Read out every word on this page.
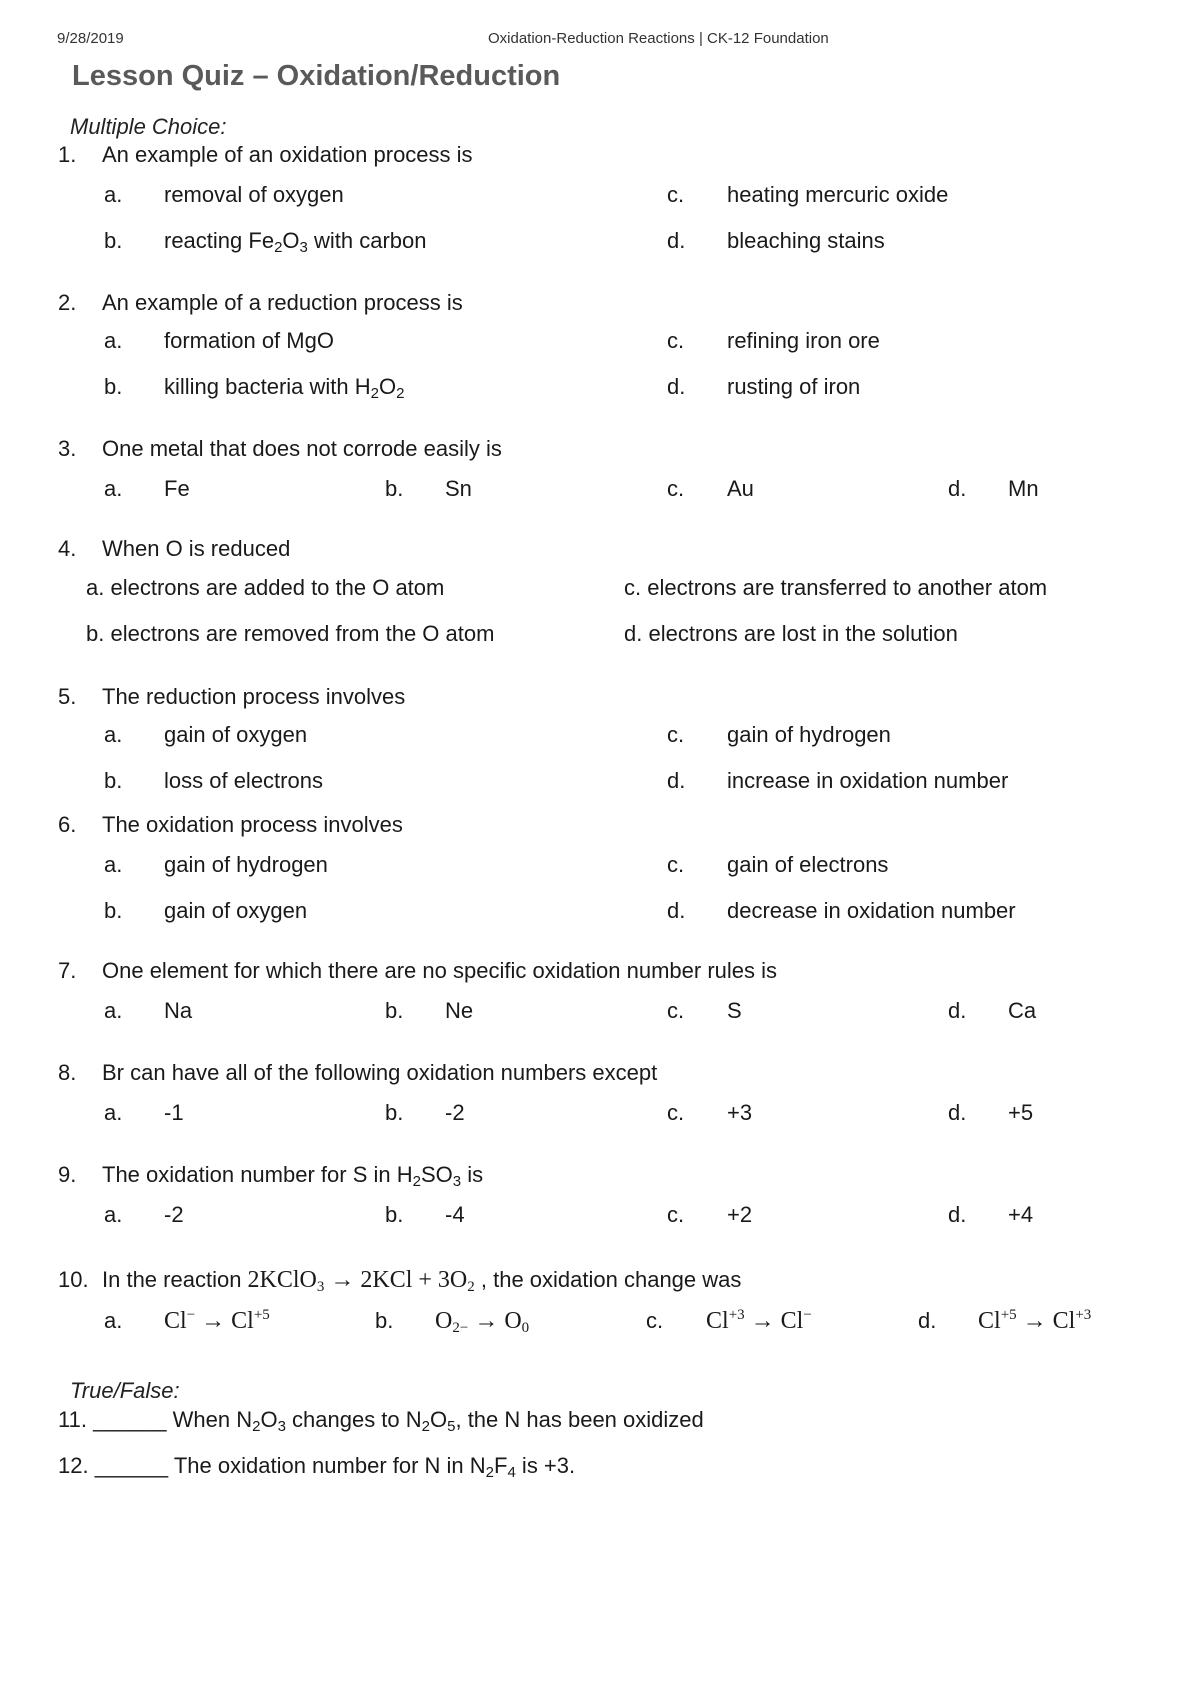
9/28/2019	Oxidation-Reduction Reactions | CK-12 Foundation
Lesson Quiz – Oxidation/Reduction
Multiple Choice:
1. An example of an oxidation process is
a. removal of oxygen
b. reacting $Fe_2O_3$ with carbon
c. heating mercuric oxide
d. bleaching stains
2. An example of a reduction process is
a. formation of MgO
b. killing bacteria with $H_2O_2$
c. refining iron ore
d. rusting of iron
3. One metal that does not corrode easily is
a. Fe	b. Sn	c. Au	d. Mn
4. When O is reduced
a. electrons are added to the O atom
b. electrons are removed from the O atom
c. electrons are transferred to another atom
d. electrons are lost in the solution
5. The reduction process involves
a. gain of oxygen
b. loss of electrons
c. gain of hydrogen
d. increase in oxidation number
6. The oxidation process involves
a. gain of hydrogen
b. gain of oxygen
c. gain of electrons
d. decrease in oxidation number
7. One element for which there are no specific oxidation number rules is
a. Na	b. Ne	c. S	d. Ca
8. Br can have all of the following oxidation numbers except
a. -1	b. -2	c. +3	d. +5
9. The oxidation number for S in $H_2SO_3$ is
a. -2	b. -4	c. +2	d. +4
10. In the reaction 2KClO$_3$ → $2KCl + 3O_2$ , the oxidation change was
a. $Cl^- \to Cl^{+5}$	b. $O_{2-} \to O_0$	c. $Cl^{+3} \to Cl^-$	d. $Cl^{+5} \to Cl^{+3}$
True/False:
11. ______ When $N_2O_3$ changes to $N_2O_5$, the N has been oxidized
12. ______ The oxidation number for N in $N_2F_4$ is +3.
